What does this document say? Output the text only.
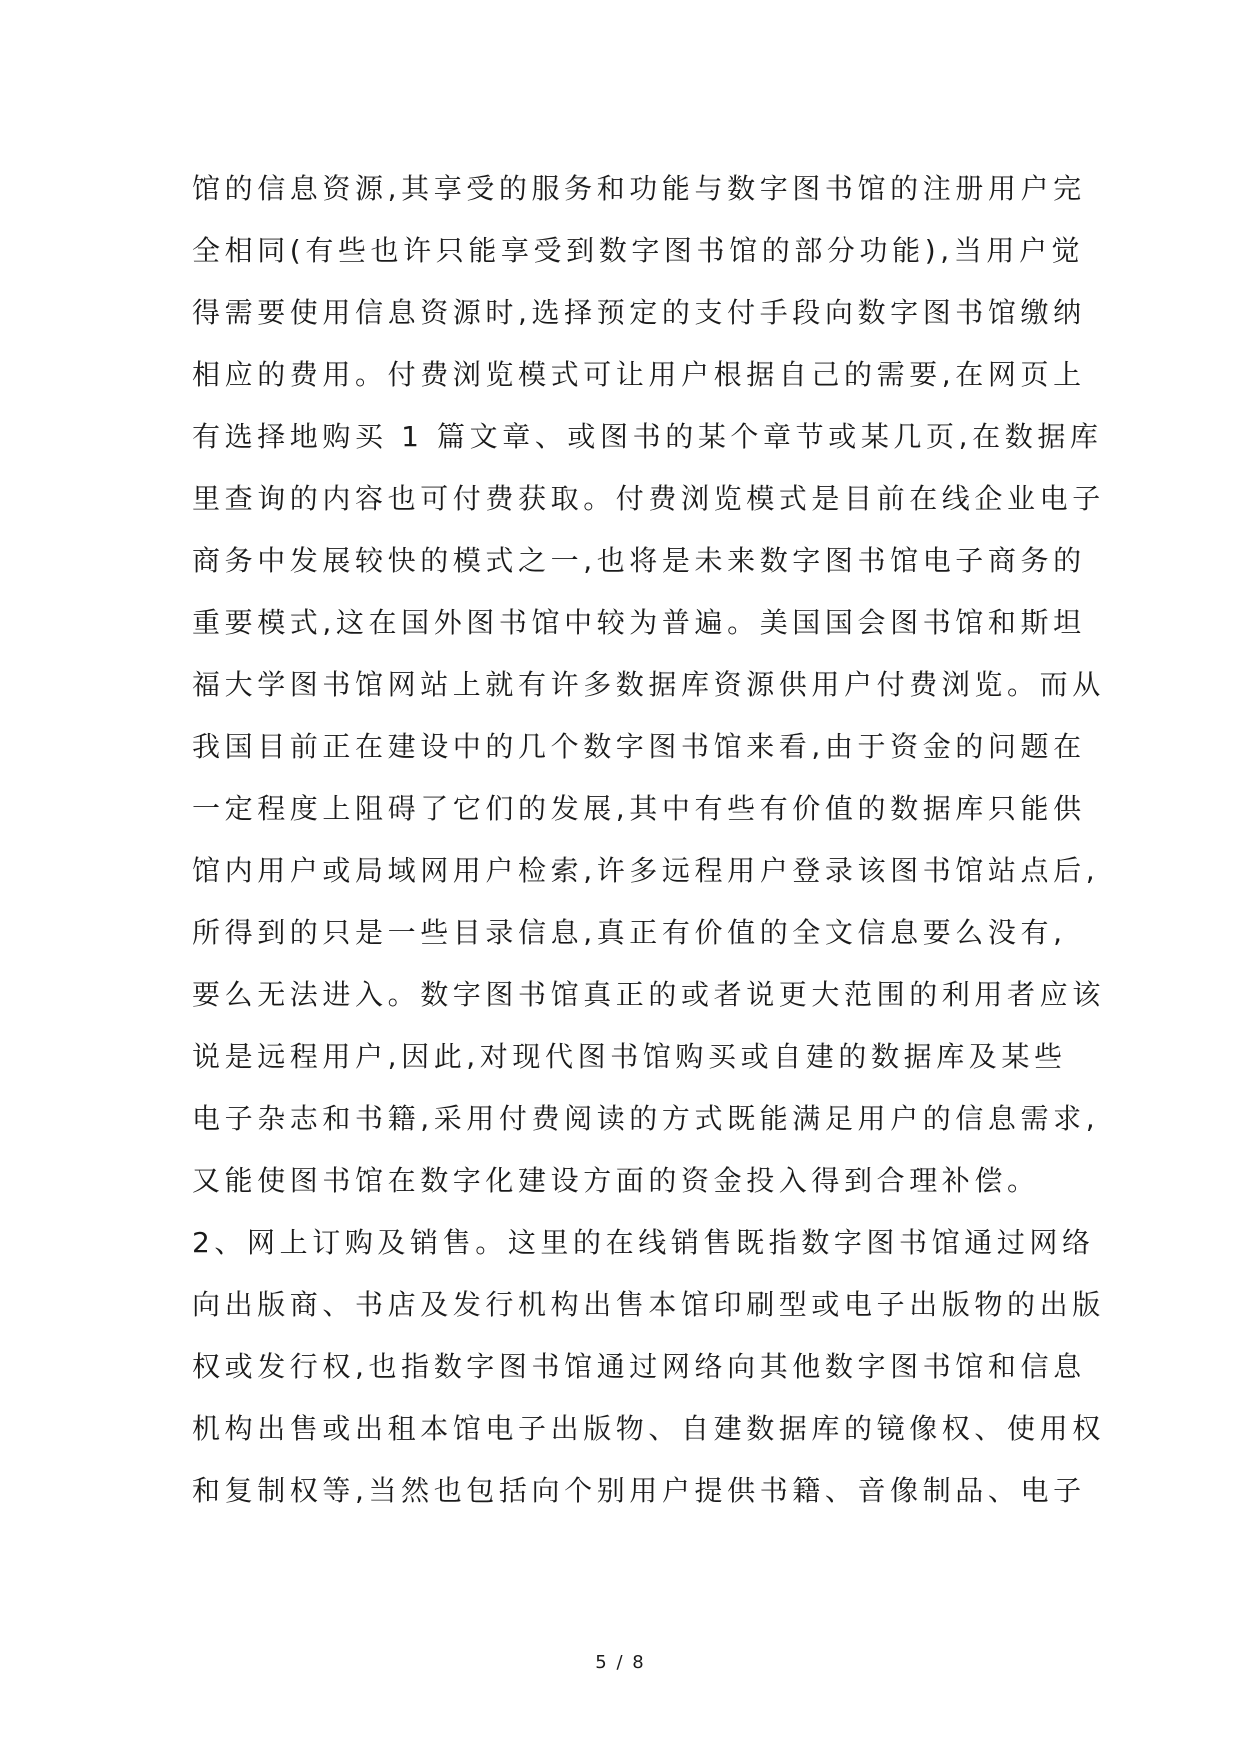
馆的信息资源,其享受的服务和功能与数字图书馆的注册用户完
全相同(有些也许只能享受到数字图书馆的部分功能),当用户觉
得需要使用信息资源时,选择预定的支付手段向数字图书馆缴纳
相应的费用。付费浏览模式可让用户根据自己的需要,在网页上
有选择地购买 1 篇文章、或图书的某个章节或某几页,在数据库
里查询的内容也可付费获取。付费浏览模式是目前在线企业电子
商务中发展较快的模式之一,也将是未来数字图书馆电子商务的
重要模式,这在国外图书馆中较为普遍。美国国会图书馆和斯坦
福大学图书馆网站上就有许多数据库资源供用户付费浏览。而从
我国目前正在建设中的几个数字图书馆来看,由于资金的问题在
一定程度上阻碍了它们的发展,其中有些有价值的数据库只能供
馆内用户或局域网用户检索,许多远程用户登录该图书馆站点后,
所得到的只是一些目录信息,真正有价值的全文信息要么没有,
要么无法进入。数字图书馆真正的或者说更大范围的利用者应该
说是远程用户,因此,对现代图书馆购买或自建的数据库及某些
电子杂志和书籍,采用付费阅读的方式既能满足用户的信息需求,
又能使图书馆在数字化建设方面的资金投入得到合理补偿。
2、网上订购及销售。这里的在线销售既指数字图书馆通过网络
向出版商、书店及发行机构出售本馆印刷型或电子出版物的出版
权或发行权,也指数字图书馆通过网络向其他数字图书馆和信息
机构出售或出租本馆电子出版物、自建数据库的镜像权、使用权
和复制权等,当然也包括向个别用户提供书籍、音像制品、电子
5 / 8
